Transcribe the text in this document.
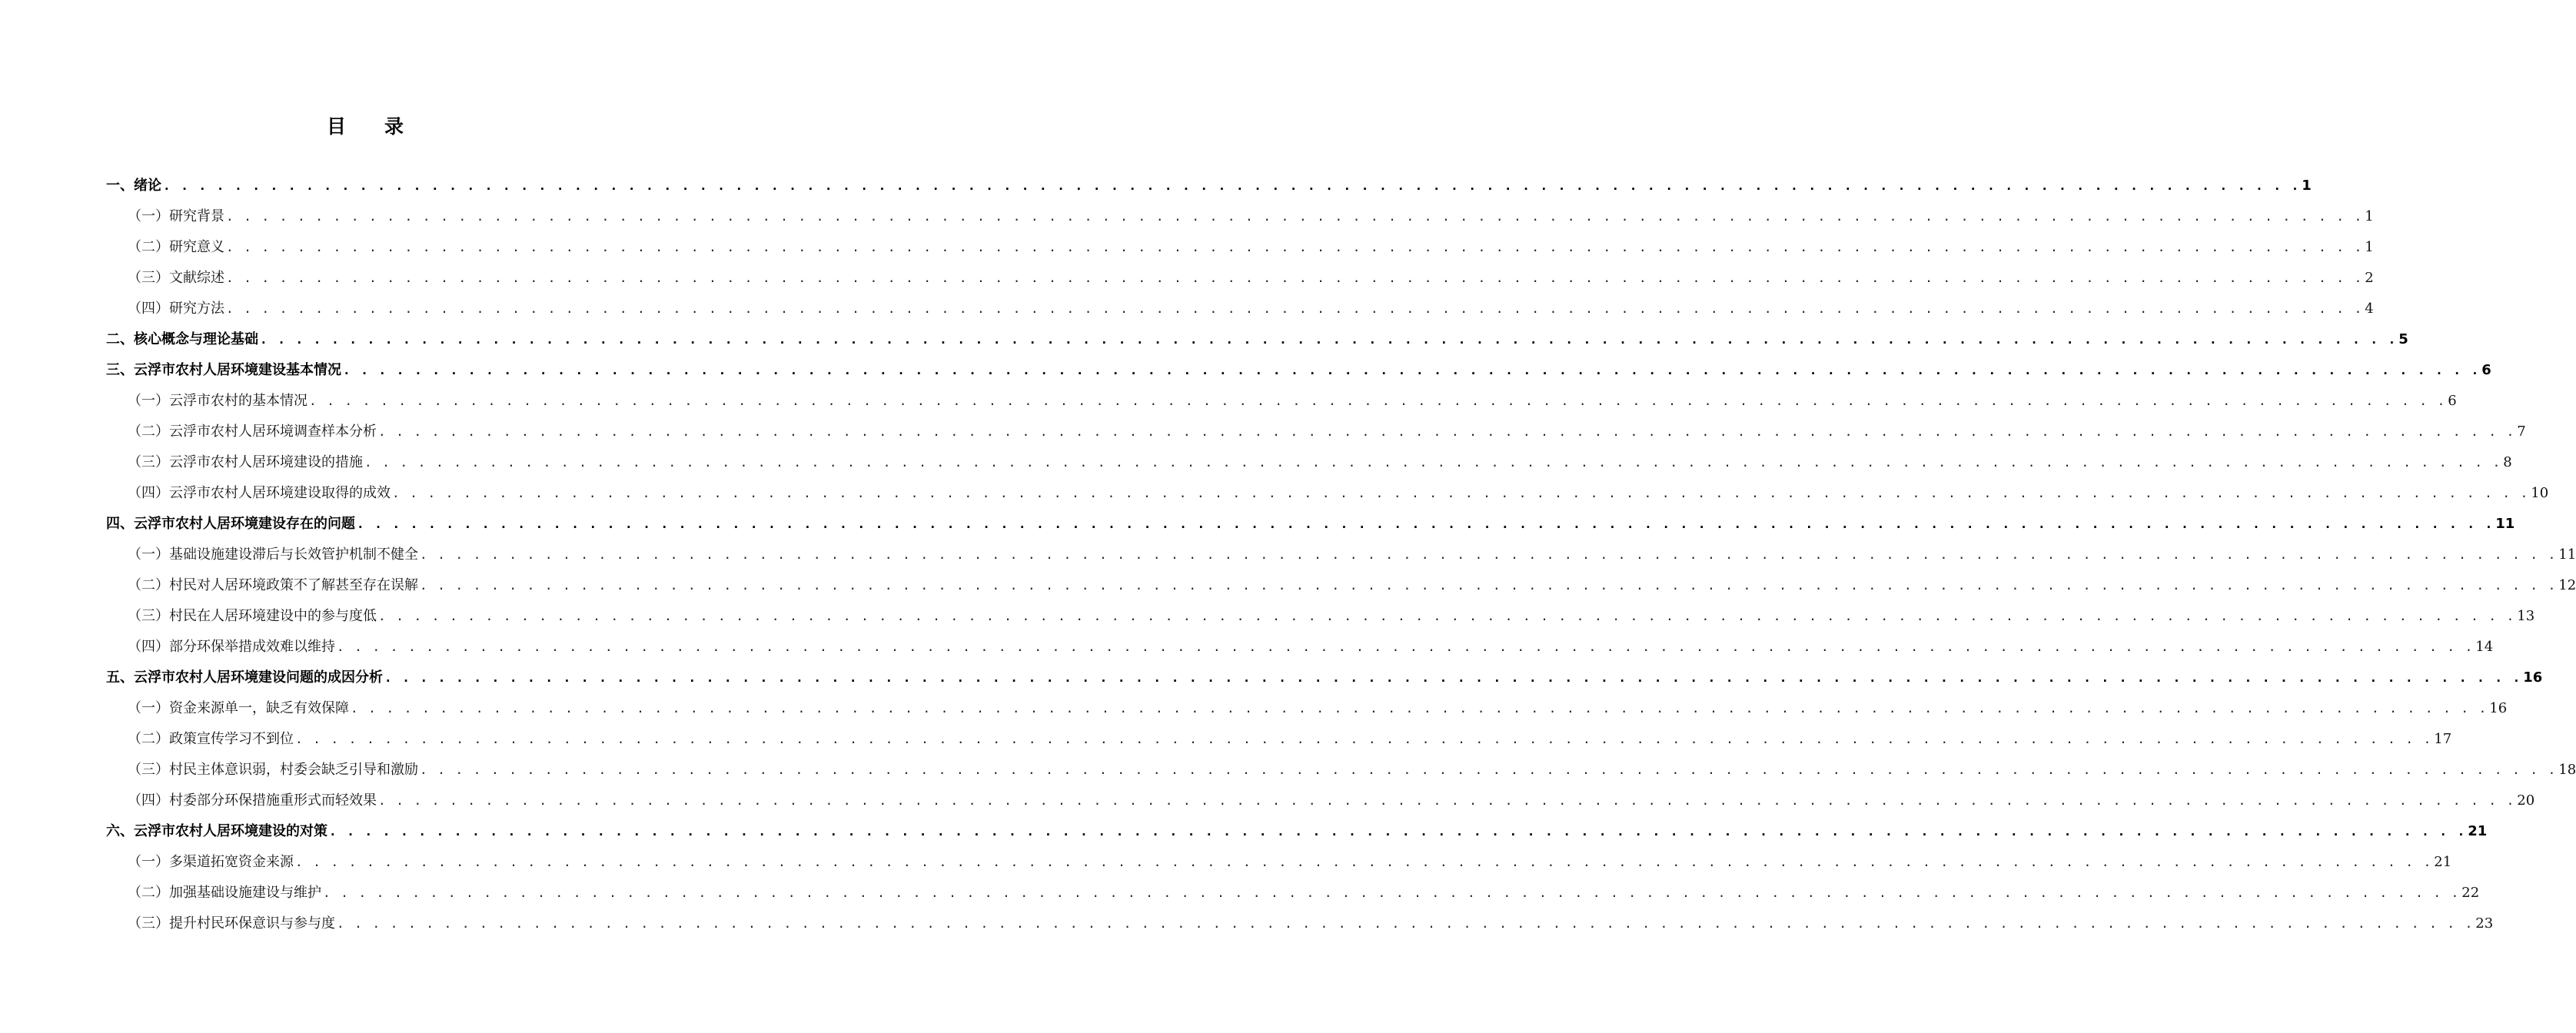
目录
一、绪论 . . . . . . . . . . . . . . . . . . . . . . . . . . . . . . . . . . . . . . . . . . . . . . . . . . . . . . . . . . . . . . . . . . . . . . . . . . . . . . . . . . . . . . . . . . . . . . . . . . . . . . . . . . . . . . . . . . . . . . . . 1
（一）研究背景 . . . . . . . . . . . . . . . . . . . . . . . . . . . . . . . . . . . . . . . . . . . . . . . . . . . . . . . . . . . . . . . . . . . . . . . . . . . . . . . . . . . . . . . . . . . . . . . . . . . . . . . . . . . . . . . . . . . . . . . . 1
（二）研究意义 . . . . . . . . . . . . . . . . . . . . . . . . . . . . . . . . . . . . . . . . . . . . . . . . . . . . . . . . . . . . . . . . . . . . . . . . . . . . . . . . . . . . . . . . . . . . . . . . . . . . . . . . . . . . . . . . . . . . . . . . 1
（三）文献综述 . . . . . . . . . . . . . . . . . . . . . . . . . . . . . . . . . . . . . . . . . . . . . . . . . . . . . . . . . . . . . . . . . . . . . . . . . . . . . . . . . . . . . . . . . . . . . . . . . . . . . . . . . . . . . . . . . . . . . . . . 2
（四）研究方法 . . . . . . . . . . . . . . . . . . . . . . . . . . . . . . . . . . . . . . . . . . . . . . . . . . . . . . . . . . . . . . . . . . . . . . . . . . . . . . . . . . . . . . . . . . . . . . . . . . . . . . . . . . . . . . . . . . . . . . . . 4
二、核心概念与理论基础 . . . . . . . . . . . . . . . . . . . . . . . . . . . . . . . . . . . . . . . . . . . . . . . . . . . . . . . . . . . . . . . . . . . . . . . . . . . . . . . . . . . . . . . . . . . . . . . . . . . . . . . . . . . . . . . . . . . . . . . . 5
三、云浮市农村人居环境建设基本情况 . . . . . . . . . . . . . . . . . . . . . . . . . . . . . . . . . . . . . . . . . . . . . . . . . . . . . . . . . . . . . . . . . . . . . . . . . . . . . . . . . . . . . . . . . . . . . . . . . . . . . . . . . . . . . . . . . . . . . . . . 6
（一）云浮市农村的基本情况 . . . . . . . . . . . . . . . . . . . . . . . . . . . . . . . . . . . . . . . . . . . . . . . . . . . . . . . . . . . . . . . . . . . . . . . . . . . . . . . . . . . . . . . . . . . . . . . . . . . . . . . . . . . . . . . . . . . . . . . . 6
（二）云浮市农村人居环境调查样本分析 . . . . . . . . . . . . . . . . . . . . . . . . . . . . . . . . . . . . . . . . . . . . . . . . . . . . . . . . . . . . . . . . . . . . . . . . . . . . . . . . . . . . . . . . . . . . . . . . . . . . . . . . . . . . . . . . . . . . . . . . 7
（三）云浮市农村人居环境建设的措施 . . . . . . . . . . . . . . . . . . . . . . . . . . . . . . . . . . . . . . . . . . . . . . . . . . . . . . . . . . . . . . . . . . . . . . . . . . . . . . . . . . . . . . . . . . . . . . . . . . . . . . . . . . . . . . . . . . . . . . . . 8
（四）云浮市农村人居环境建设取得的成效 . . . . . . . . . . . . . . . . . . . . . . . . . . . . . . . . . . . . . . . . . . . . . . . . . . . . . . . . . . . . . . . . . . . . . . . . . . . . . . . . . . . . . . . . . . . . . . . . . . . . . . . . . . . . . . . . . . . . . . . . 10
四、云浮市农村人居环境建设存在的问题 . . . . . . . . . . . . . . . . . . . . . . . . . . . . . . . . . . . . . . . . . . . . . . . . . . . . . . . . . . . . . . . . . . . . . . . . . . . . . . . . . . . . . . . . . . . . . . . . . . . . . . . . . . . . . . . . . . . . . . . . 11
（一）基础设施建设滞后与长效管护机制不健全 . . . . . . . . . . . . . . . . . . . . . . . . . . . . . . . . . . . . . . . . . . . . . . . . . . . . . . . . . . . . . . . . . . . . . . . . . . . . . . . . . . . . . . . . . . . . . . . . . . . . . . . . . . . . . . . . . . . . . . . . 11
（二）村民对人居环境政策不了解甚至存在误解 . . . . . . . . . . . . . . . . . . . . . . . . . . . . . . . . . . . . . . . . . . . . . . . . . . . . . . . . . . . . . . . . . . . . . . . . . . . . . . . . . . . . . . . . . . . . . . . . . . . . . . . . . . . . . . . . . . . . . . . . 12
（三）村民在人居环境建设中的参与度低 . . . . . . . . . . . . . . . . . . . . . . . . . . . . . . . . . . . . . . . . . . . . . . . . . . . . . . . . . . . . . . . . . . . . . . . . . . . . . . . . . . . . . . . . . . . . . . . . . . . . . . . . . . . . . . . . . . . . . . . . 13
（四）部分环保举措成效难以维持 . . . . . . . . . . . . . . . . . . . . . . . . . . . . . . . . . . . . . . . . . . . . . . . . . . . . . . . . . . . . . . . . . . . . . . . . . . . . . . . . . . . . . . . . . . . . . . . . . . . . . . . . . . . . . . . . . . . . . . . . 14
五、云浮市农村人居环境建设问题的成因分析 . . . . . . . . . . . . . . . . . . . . . . . . . . . . . . . . . . . . . . . . . . . . . . . . . . . . . . . . . . . . . . . . . . . . . . . . . . . . . . . . . . . . . . . . . . . . . . . . . . . . . . . . . . . . . . . . . . . . . . . . 16
（一）资金来源单一，缺乏有效保障 . . . . . . . . . . . . . . . . . . . . . . . . . . . . . . . . . . . . . . . . . . . . . . . . . . . . . . . . . . . . . . . . . . . . . . . . . . . . . . . . . . . . . . . . . . . . . . . . . . . . . . . . . . . . . . . . . . . . . . . . 16
（二）政策宣传学习不到位 . . . . . . . . . . . . . . . . . . . . . . . . . . . . . . . . . . . . . . . . . . . . . . . . . . . . . . . . . . . . . . . . . . . . . . . . . . . . . . . . . . . . . . . . . . . . . . . . . . . . . . . . . . . . . . . . . . . . . . . . 17
（三）村民主体意识弱，村委会缺乏引导和激励 . . . . . . . . . . . . . . . . . . . . . . . . . . . . . . . . . . . . . . . . . . . . . . . . . . . . . . . . . . . . . . . . . . . . . . . . . . . . . . . . . . . . . . . . . . . . . . . . . . . . . . . . . . . . . . . . . . . . . . . . 18
（四）村委部分环保措施重形式而轻效果 . . . . . . . . . . . . . . . . . . . . . . . . . . . . . . . . . . . . . . . . . . . . . . . . . . . . . . . . . . . . . . . . . . . . . . . . . . . . . . . . . . . . . . . . . . . . . . . . . . . . . . . . . . . . . . . . . . . . . . . . 20
六、云浮市农村人居环境建设的对策 . . . . . . . . . . . . . . . . . . . . . . . . . . . . . . . . . . . . . . . . . . . . . . . . . . . . . . . . . . . . . . . . . . . . . . . . . . . . . . . . . . . . . . . . . . . . . . . . . . . . . . . . . . . . . . . . . . . . . . . . 21
（一）多渠道拓宽资金来源 . . . . . . . . . . . . . . . . . . . . . . . . . . . . . . . . . . . . . . . . . . . . . . . . . . . . . . . . . . . . . . . . . . . . . . . . . . . . . . . . . . . . . . . . . . . . . . . . . . . . . . . . . . . . . . . . . . . . . . . . 21
（二）加强基础设施建设与维护 . . . . . . . . . . . . . . . . . . . . . . . . . . . . . . . . . . . . . . . . . . . . . . . . . . . . . . . . . . . . . . . . . . . . . . . . . . . . . . . . . . . . . . . . . . . . . . . . . . . . . . . . . . . . . . . . . . . . . . . . 22
（三）提升村民环保意识与参与度 . . . . . . . . . . . . . . . . . . . . . . . . . . . . . . . . . . . . . . . . . . . . . . . . . . . . . . . . . . . . . . . . . . . . . . . . . . . . . . . . . . . . . . . . . . . . . . . . . . . . . . . . . . . . . . . . . . . . . . . . 23
